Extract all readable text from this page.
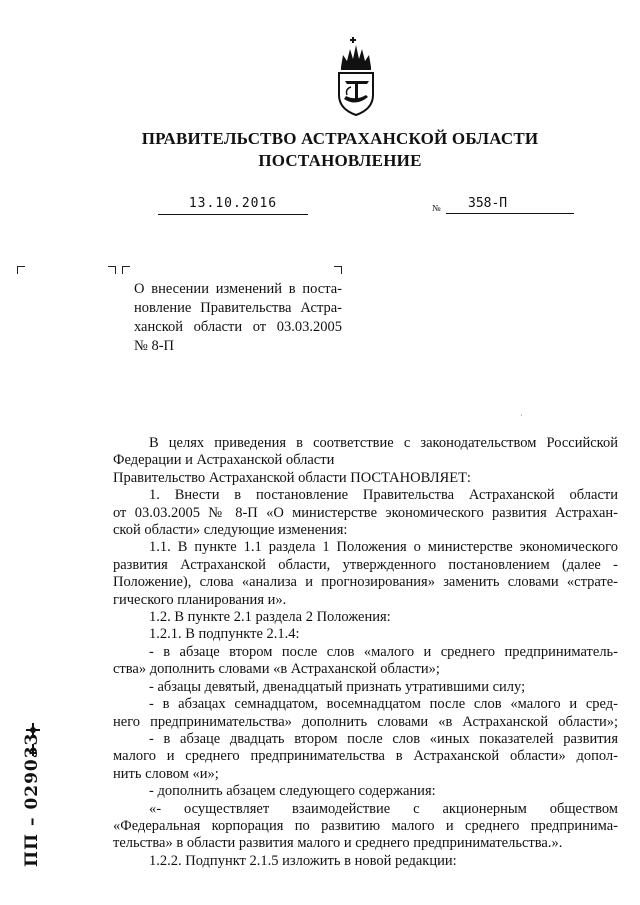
ПРАВИТЕЛЬСТВО АСТРАХАНСКОЙ ОБЛАСТИ
ПОСТАНОВЛЕНИЕ
13.10.2016	№	358-П
О внесении изменений в поста-
новление Правительства Астра-
ханской области от 03.03.2005
№ 8-П
·
В целях приведения в соответствие с законодательством Российской
Федерации и Астраханской области
Правительство Астраханской области ПОСТАНОВЛЯЕТ:
1. Внести в постановление Правительства Астраханской области
от 03.03.2005 № 8-П «О министерстве экономического развития Астрахан-
ской области» следующие изменения:
1.1. В пункте 1.1 раздела 1 Положения о министерстве экономического
развития Астраханской области, утвержденного постановлением (далее -
Положение), слова «анализа и прогнозирования» заменить словами «страте-
гического планирования и».
1.2. В пункте 2.1 раздела 2 Положения:
1.2.1. В подпункте 2.1.4:
- в абзаце втором после слов «малого и среднего предприниматель-
ства» дополнить словами «в Астраханской области»;
- абзацы девятый, двенадцатый признать утратившими силу;
- в абзацах семнадцатом, восемнадцатом после слов «малого и сред-
него предпринимательства» дополнить словами «в Астраханской области»;
- в абзаце двадцать втором после слов «иных показателей развития
малого и среднего предпринимательства в Астраханской области» допол-
нить словом «и»;
- дополнить абзацем следующего содержания:
«- осуществляет взаимодействие с акционерным обществом
«Федеральная корпорация по развитию малого и среднего предпринима-
тельства» в области развития малого и среднего предпринимательства.».
1.2.2. Подпункт 2.1.5 изложить в новой редакции:
ПП – 029033
